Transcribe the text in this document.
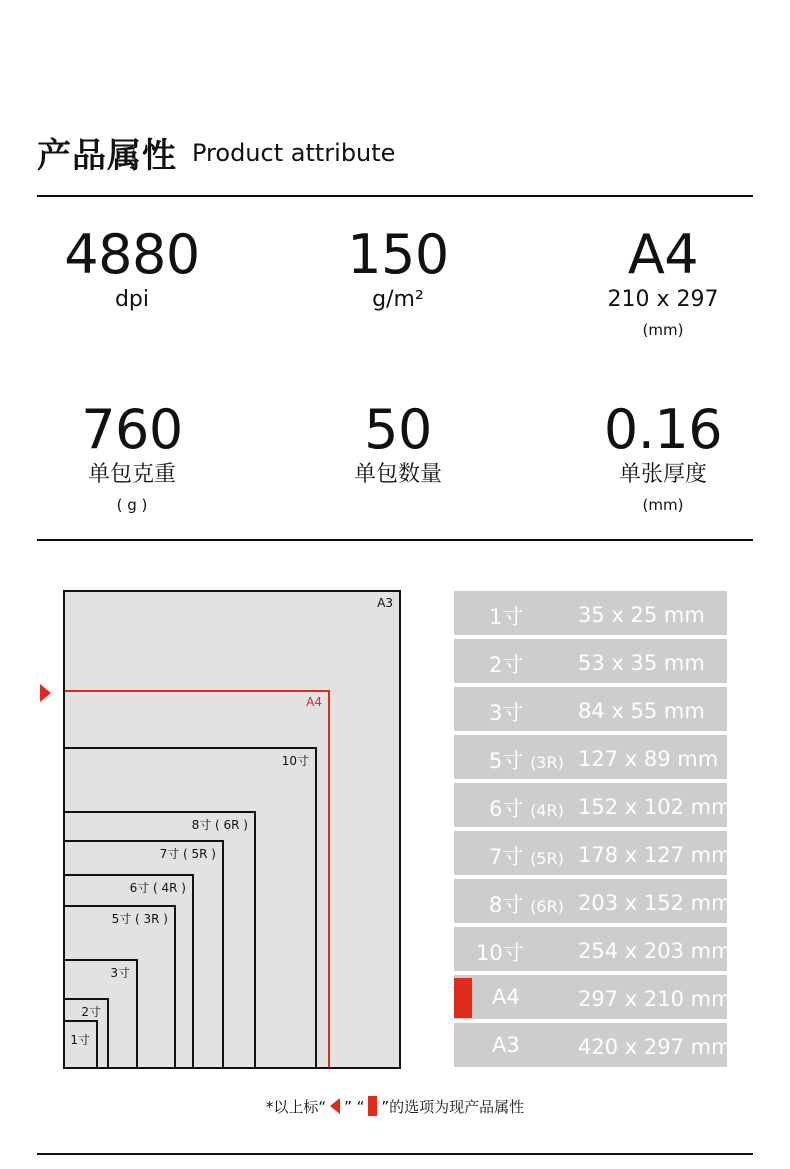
产品属性 Product attribute
4880
dpi
150
g/m²
A4
210 x 297
(mm)
760
单包克重
( g )
50
单包数量
0.16
单张厚度
(mm)
A3
A4
10寸
8寸 ( 6R )
7寸 ( 5R )
6寸 ( 4R )
5寸 ( 3R )
3寸
2寸
1寸
1寸	35 x 25 mm
2寸	53 x 35 mm
3寸	84 x 55 mm
5寸 (3R) 127 x 89 mm
6寸 (4R) 152 x 102 mm
7寸 (5R) 178 x 127 mm
8寸 (6R) 203 x 152 mm
10寸	254 x 203 mm
A4	297 x 210 mm
A3	420 x 297 mm
*以上标“ ” “ ”的选项为现产品属性
